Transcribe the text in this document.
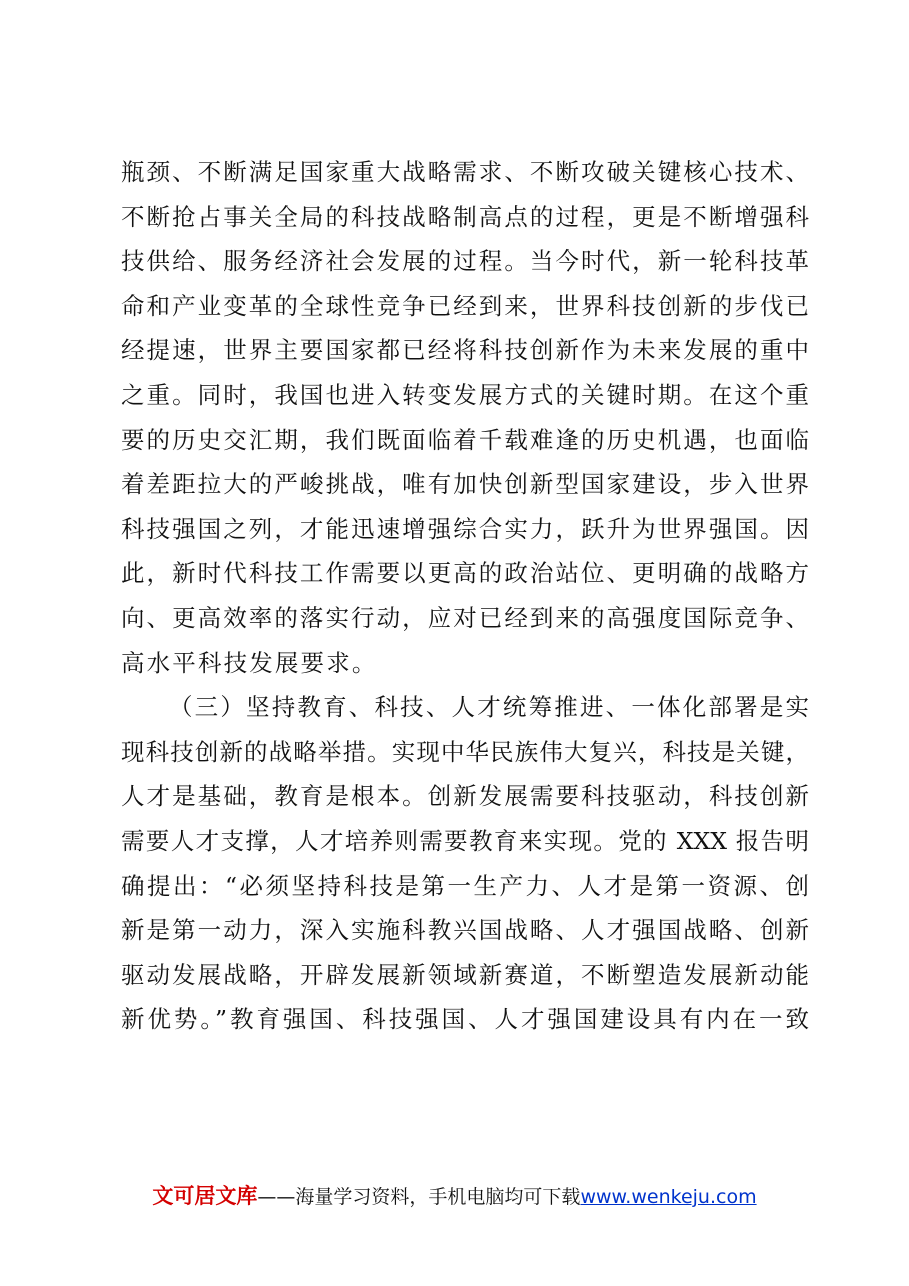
瓶颈、不断满足国家重大战略需求、不断攻破关键核心技术、
不断抢占事关全局的科技战略制高点的过程，更是不断增强科
技供给、服务经济社会发展的过程。当今时代，新一轮科技革
命和产业变革的全球性竞争已经到来，世界科技创新的步伐已
经提速，世界主要国家都已经将科技创新作为未来发展的重中
之重。同时，我国也进入转变发展方式的关键时期。在这个重
要的历史交汇期，我们既面临着千载难逢的历史机遇，也面临
着差距拉大的严峻挑战，唯有加快创新型国家建设，步入世界
科技强国之列，才能迅速增强综合实力，跃升为世界强国。因
此，新时代科技工作需要以更高的政治站位、更明确的战略方
向、更高效率的落实行动，应对已经到来的高强度国际竞争、
高水平科技发展要求。
（三）坚持教育、科技、人才统筹推进、一体化部署是实
现科技创新的战略举措。实现中华民族伟大复兴，科技是关键，
人才是基础，教育是根本。创新发展需要科技驱动，科技创新
需要人才支撑，人才培养则需要教育来实现。党的 XXX 报告明
确提出：“必须坚持科技是第一生产力、人才是第一资源、创
新是第一动力，深入实施科教兴国战略、人才强国战略、创新
驱动发展战略，开辟发展新领域新赛道，不断塑造发展新动能
新优势。”教育强国、科技强国、人才强国建设具有内在一致
文可居文库——海量学习资料，手机电脑均可下载www.wenkeju.com
